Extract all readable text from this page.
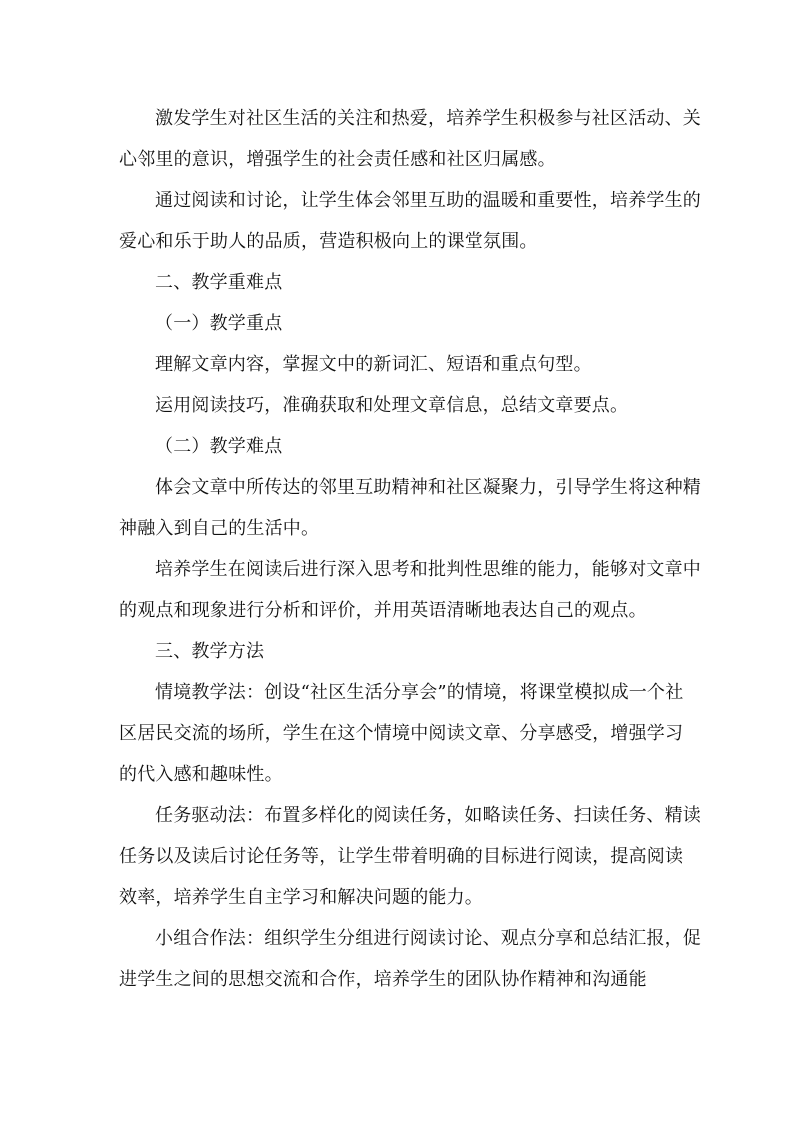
激发学生对社区生活的关注和热爱，培养学生积极参与社区活动、关心邻里的意识，增强学生的社会责任感和社区归属感。

通过阅读和讨论，让学生体会邻里互助的温暖和重要性，培养学生的爱心和乐于助人的品质，营造积极向上的课堂氛围。

二、教学重难点

（一）教学重点

理解文章内容，掌握文中的新词汇、短语和重点句型。

运用阅读技巧，准确获取和处理文章信息，总结文章要点。

（二）教学难点

体会文章中所传达的邻里互助精神和社区凝聚力，引导学生将这种精神融入到自己的生活中。

培养学生在阅读后进行深入思考和批判性思维的能力，能够对文章中的观点和现象进行分析和评价，并用英语清晰地表达自己的观点。

三、教学方法

情境教学法：创设“社区生活分享会”的情境，将课堂模拟成一个社区居民交流的场所，学生在这个情境中阅读文章、分享感受，增强学习的代入感和趣味性。

任务驱动法：布置多样化的阅读任务，如略读任务、扫读任务、精读任务以及读后讨论任务等，让学生带着明确的目标进行阅读，提高阅读效率，培养学生自主学习和解决问题的能力。

小组合作法：组织学生分组进行阅读讨论、观点分享和总结汇报，促进学生之间的思想交流和合作，培养学生的团队协作精神和沟通能
